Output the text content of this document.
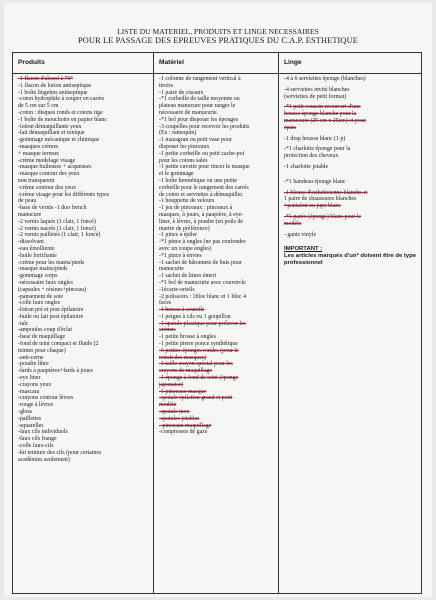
LISTE DU MATERIEL, PRODUITS ET LINGE NECESSAIRES
POUR LE PASSAGE DES EPREUVES PRATIQUES DU C.A.P. ESTHETIQUE
Produits
-1 flacon d'alcool à 70°
-1 flacon de lotion antiseptique
-1 boîte lingettes antiseptique
-coton hydrophile à couper en carrés
de 5 cm sur 5 cm
-coton : disques ronds et cotons tige
-1 boîte de mouchoirs en papier blanc
-lotion démaquillante yeux
-lait démaquillant et tonique
-gommage mécanique et chimique
-masques crèmes
+ masque terreux
-crème modelage visage
-masque huileuses + acqueuses
-masque contour des yeux
non transparent
-crème contour des yeux
-crème visage pour les différents types
de peau
-base de vernis -1 duo french
manucure
-2 vernis laqués (1 clair, 1 foncé)
-2 vernis nacrés (1 clair, 1 foncé)
-2 vernis pailletés (1 clair, 1 foncé)
-dissolvant
-eau émolliente
-huile fortifiante
-crème pour les mains/pieds
-masque mains/pieds
-gommage corps
-nécessaire faux ongles
(capsules + résines+pinceau)
-pansement de soie
-colle faux ongles
-lotion pré et post épilatoire
-huile ou lait post épilatoire
-talc
-ampoules coup d'éclat
-base de maquillage
-fond de teint compact et fluide (2
teintes pour chaque)
-anti-cerne
-poudre libre
-fards à paupières+fards à joues
-eye liner
-crayons yeux
-mascara
-crayons contour lèvres
-rouge à lèvres
-gloss
-paillettes
-squarelles
-faux cils individuels
-faux cils frange
-colle faux-cils
-kit teinture des cils (pour certaines
académies seulement)
Matériel
-1 colonne de rangement vertical à
tiroirs
-1 paire de ciseaux
-*1 corbeille de taille moyenne ou
plateau manucure pour ranger le
nécessaire de manucurie.
-*1 bol pour disposer les éponges
-3 coupelles pour recevoir les produits
(Ex : ramequin)
-1 mazagran ou petit vase pour
disposer les pinceaux
-1 petite corbeille ou petit cache-pot
pour les cotons sales
-1 petite cuvette pour rincer le masque
et le gommage
-1 boîte hermétique ou une petite
corbeille pour le rangement des carrés
de coton et serviettes à démaquiller.
-1 houppette de velours
-1 jeu de pinceaux : pinceaux à
masques, à joues, à paupière, à eye-
liner, à lèvres, à poudre (en poils de
martre de préférence)
-1 pince à épiler
-*1 pince à ongles (ne pas confondre
avec un coupe ongles)
-*1 pince à envies
-1 sachet de bâtonnets de buis pour
manucurie
-1 sachet de limes émeri
-*1 bol de manucurie avec couvercle
-1écarte-orteils
-2 polissoirs : 1bloc blanc et 1 bloc 4
faces
-1 brosse à sourcils
-1 peigne à cils ou 1 goupillon
-1 spatule plastique pour prélever les
crèmes
-1 petite brosse à ongles
-1 petite pierre ponce synthétique
-6 petites éponges rondes (pour le
retrait des masques)
-1 taille crayon spécial pour les
crayons de maquillage
-1 éponge à fond de teint (éponge
japonaise)
-1 pinceaux masque
-spatule épilation grand et petit
modèle
-spatule inox
-spatules jetables
- pinceaux maquillage
-compresses de gaze
Linge
-4 à 6 serviettes éponge (blanches)
-4 serviettes invité blanches
(serviettes de petit format)
-*1 petit coussin recouvert d'une
housse éponge blanche pour la
manucurie (25 cm x 25cm) et pour
épais
-1 drap housse blanc (1 p)
-*1 charlotte éponge pour la
protection des cheveux
-1 charlotte jetable
-*1 bandeau éponge blanc
-1 blouse d'esthéticienne blanche et
1 paire de chaussures blanches
+pantalon ou jupe blanc
-*1 paréo (éponge) blanc pour le
modèle
- gants vinyle
IMPORTANT :
Les articles marqués d'un* doivent être de type professionnel
